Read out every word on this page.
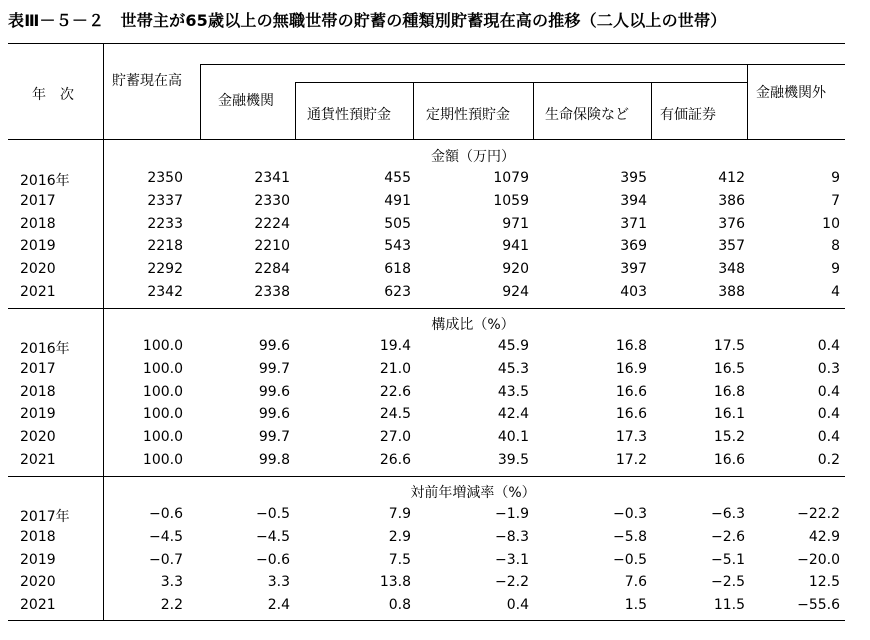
表Ⅲ－５－２　世帯主が65歳以上の無職世帯の貯蓄の種類別貯蓄現在高の推移（二人以上の世帯）
年　次
貯蓄現在高
金融機関
通貨性預貯金	定期性預貯金	生命保険など 有価証券
金融機関外
金額（万円）
2016年	2350	2341	455	1079	395	412	9
2017	2337	2330	491	1059	394	386	7
2018	2233	2224	505	971	371	376	10
2019	2218	2210	543	941	369	357	8
2020	2292	2284	618	920	397	348	9
2021	2342	2338	623	924	403	388	4
構成比（%）
2016年	100.0	99.6	19.4	45.9	16.8	17.5	0.4
2017	100.0	99.7	21.0	45.3	16.9	16.5	0.3
2018	100.0	99.6	22.6	43.5	16.6	16.8	0.4
2019	100.0	99.6	24.5	42.4	16.6	16.1	0.4
2020	100.0	99.7	27.0	40.1	17.3	15.2	0.4
2021	100.0	99.8	26.6	39.5	17.2	16.6	0.2
対前年増減率（%）
2017年	−0.6	−0.5	7.9	−1.9	−0.3	−6.3	−22.2
2018	−4.5	−4.5	2.9	−8.3	−5.8	−2.6	42.9
2019	−0.7	−0.6	7.5	−3.1	−0.5	−5.1	−20.0
2020	3.3	3.3	13.8	−2.2	7.6	−2.5	12.5
2021	2.2	2.4	0.8	0.4	1.5	11.5	−55.6
